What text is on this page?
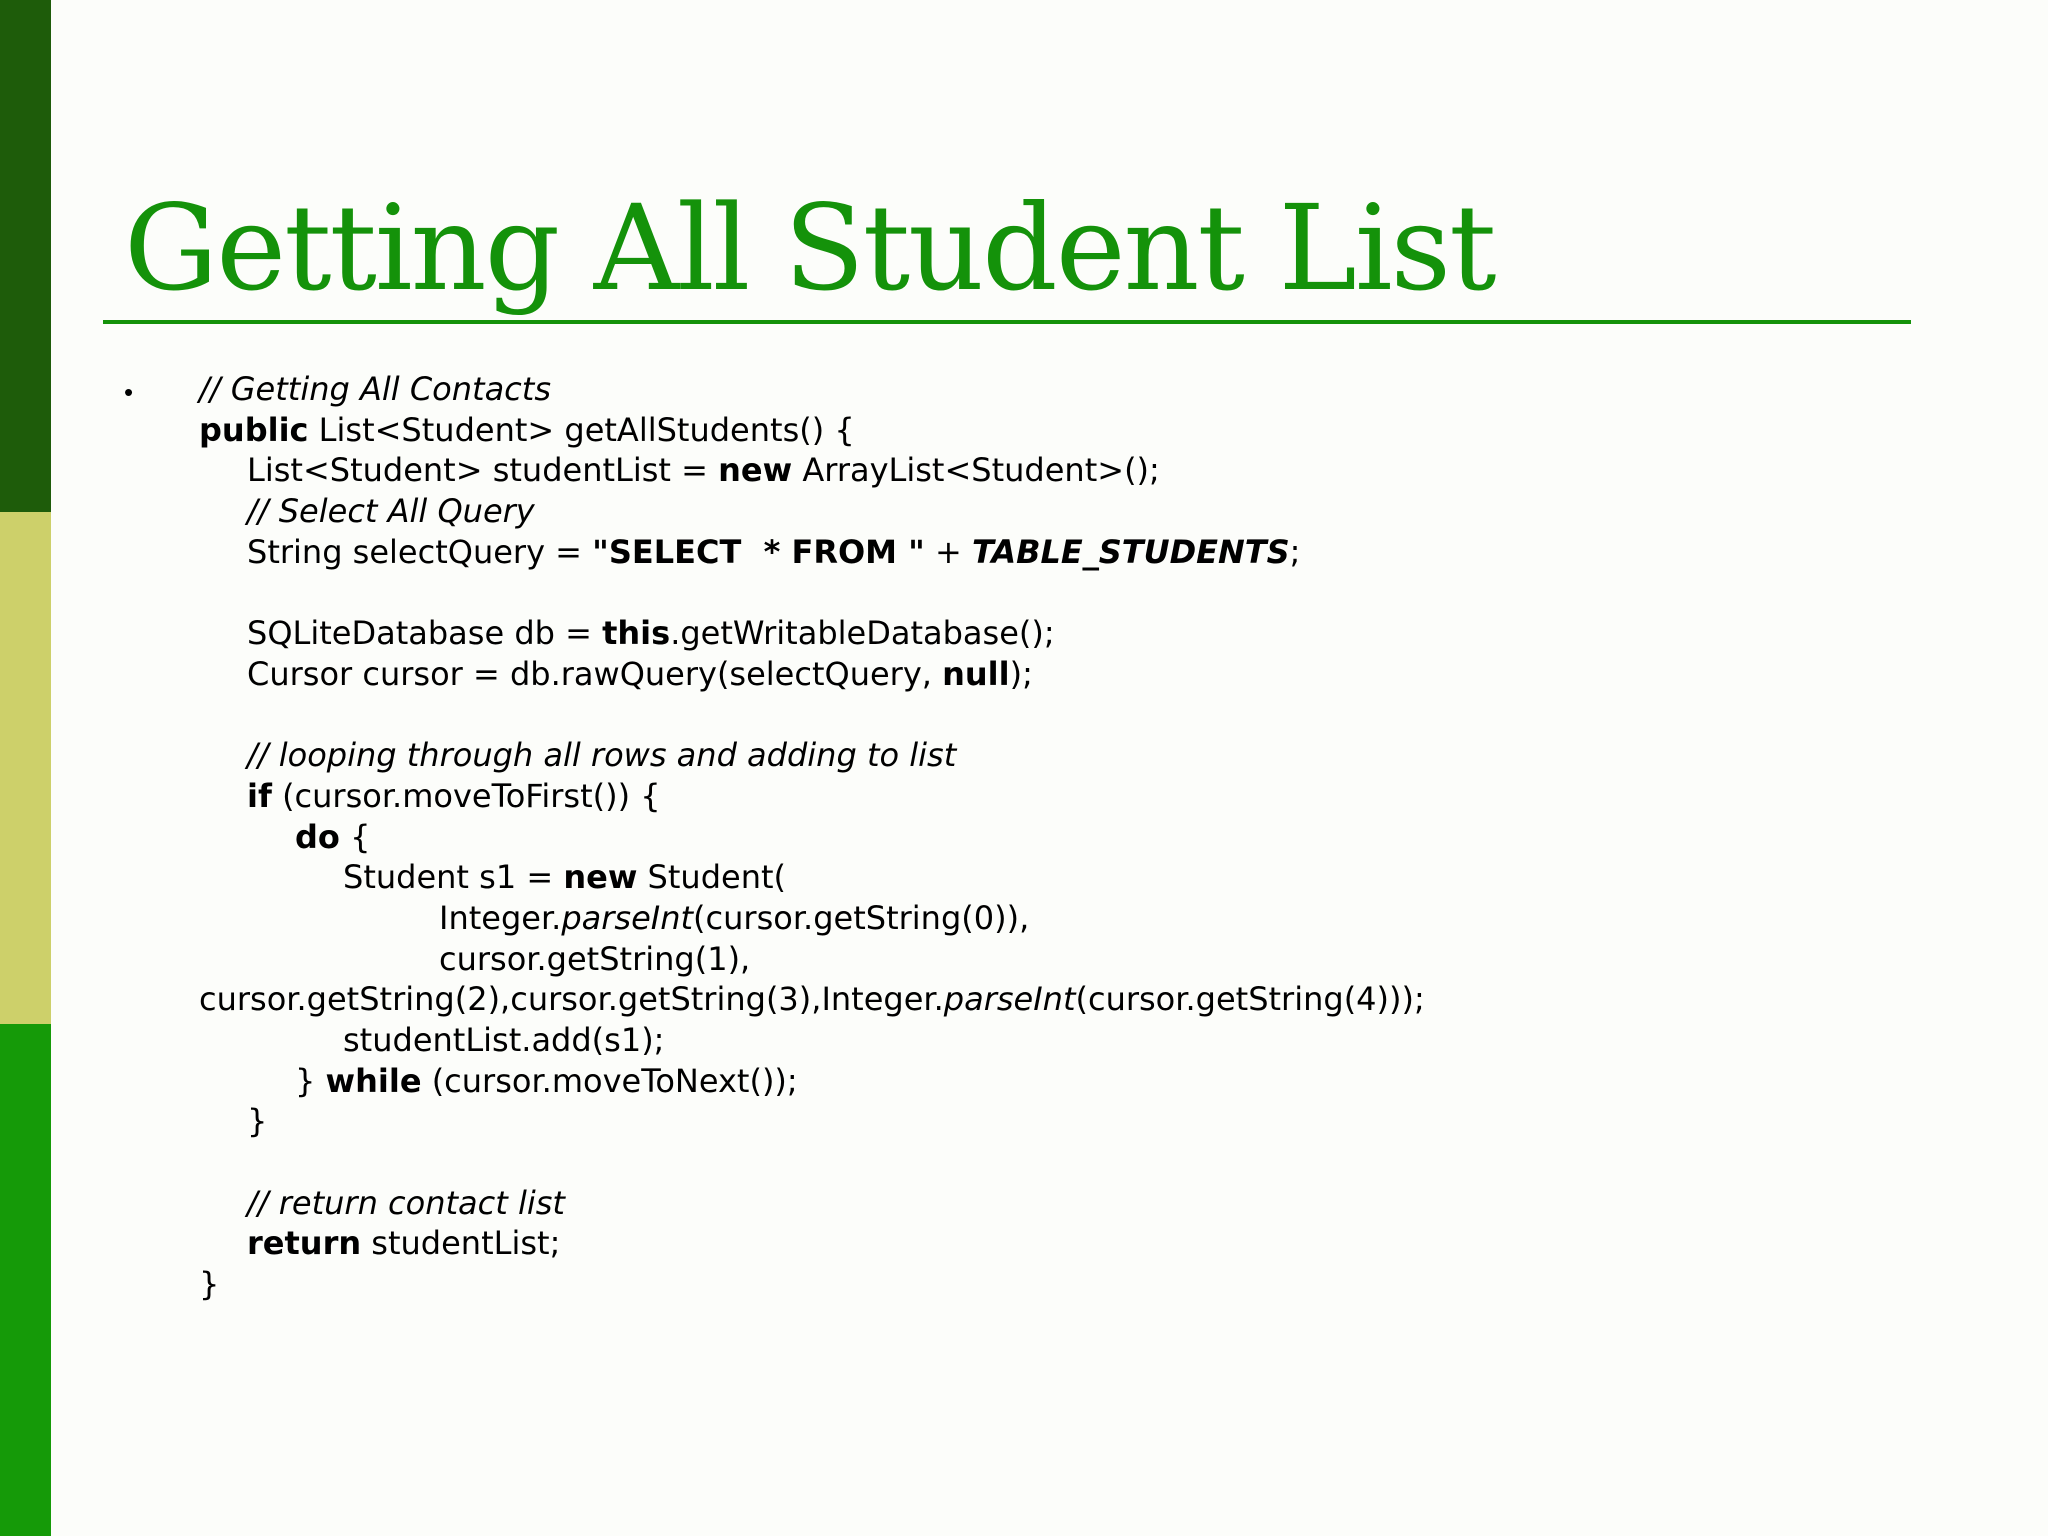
Getting All Student List
• // Getting All Contacts
public List<Student> getAllStudents() {
List<Student> studentList = new ArrayList<Student>();
// Select All Query
String selectQuery = "SELECT  * FROM " + TABLE_STUDENTS;
SQLiteDatabase db = this.getWritableDatabase();
Cursor cursor = db.rawQuery(selectQuery, null);
// looping through all rows and adding to list
if (cursor.moveToFirst()) {
do {
Student s1 = new Student(
Integer.parseInt(cursor.getString(0)),
cursor.getString(1),
cursor.getString(2),cursor.getString(3),Integer.parseInt(cursor.getString(4)));
studentList.add(s1);
} while (cursor.moveToNext());
}
// return contact list
return studentList;
}
